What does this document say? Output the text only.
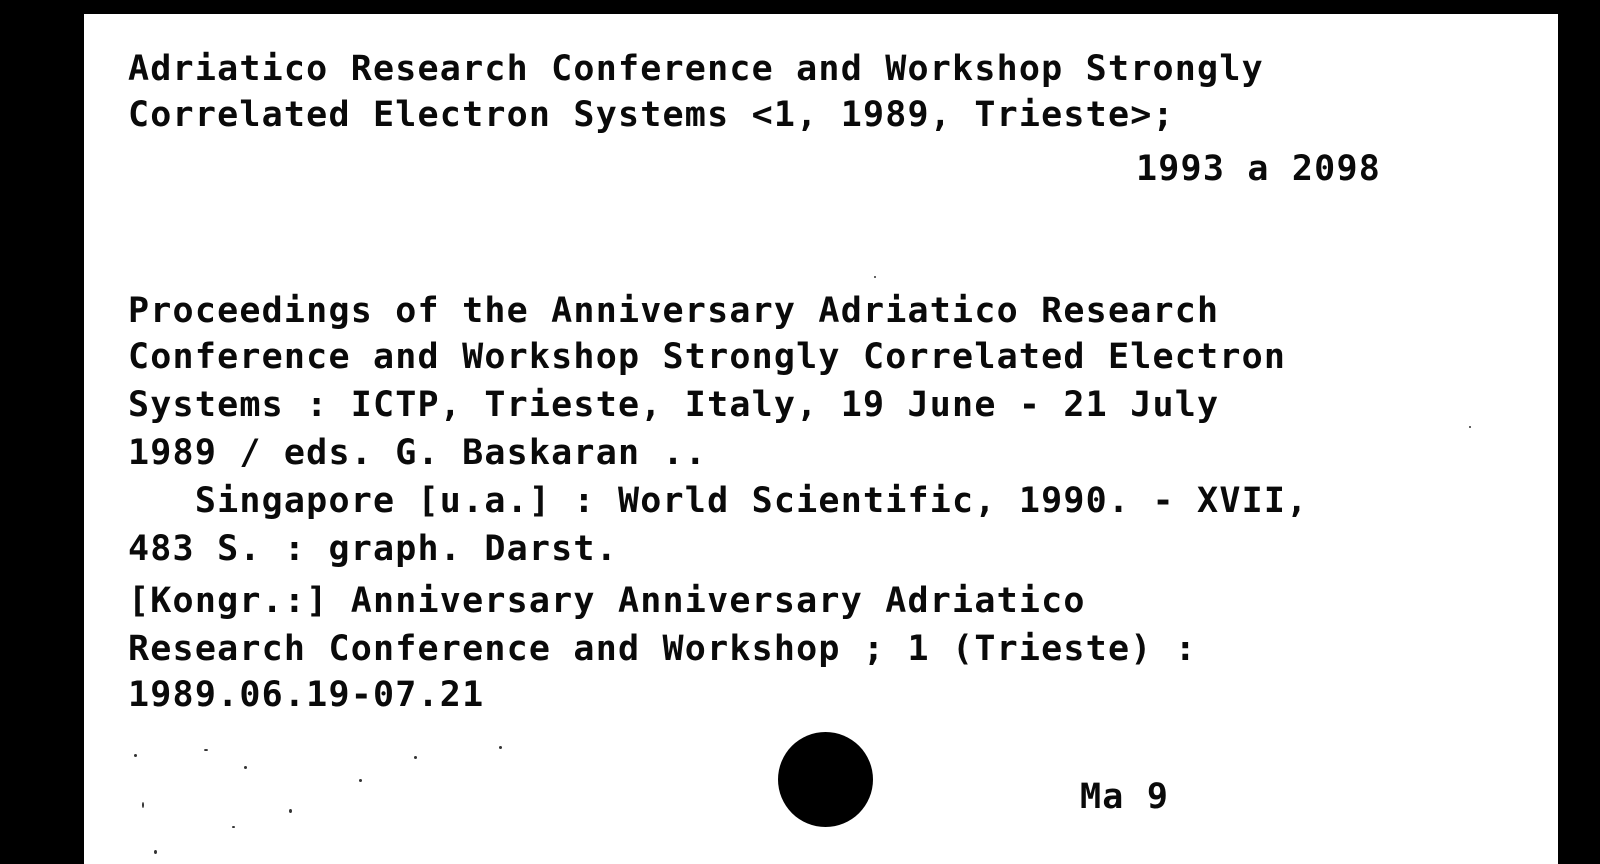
Adriatico Research Conference and Workshop Strongly
Correlated Electron Systems <1, 1989, Trieste>;
1993 a 2098
Proceedings of the Anniversary Adriatico Research
Conference and Workshop Strongly Correlated Electron
Systems : ICTP, Trieste, Italy, 19 June - 21 July
1989 / eds. G. Baskaran ..
Singapore [u.a.] : World Scientific, 1990. - XVII,
483 S. : graph. Darst.
[Kongr.:] Anniversary Anniversary Adriatico
Research Conference and Workshop ; 1 (Trieste) :
1989.06.19-07.21
Ma 9
